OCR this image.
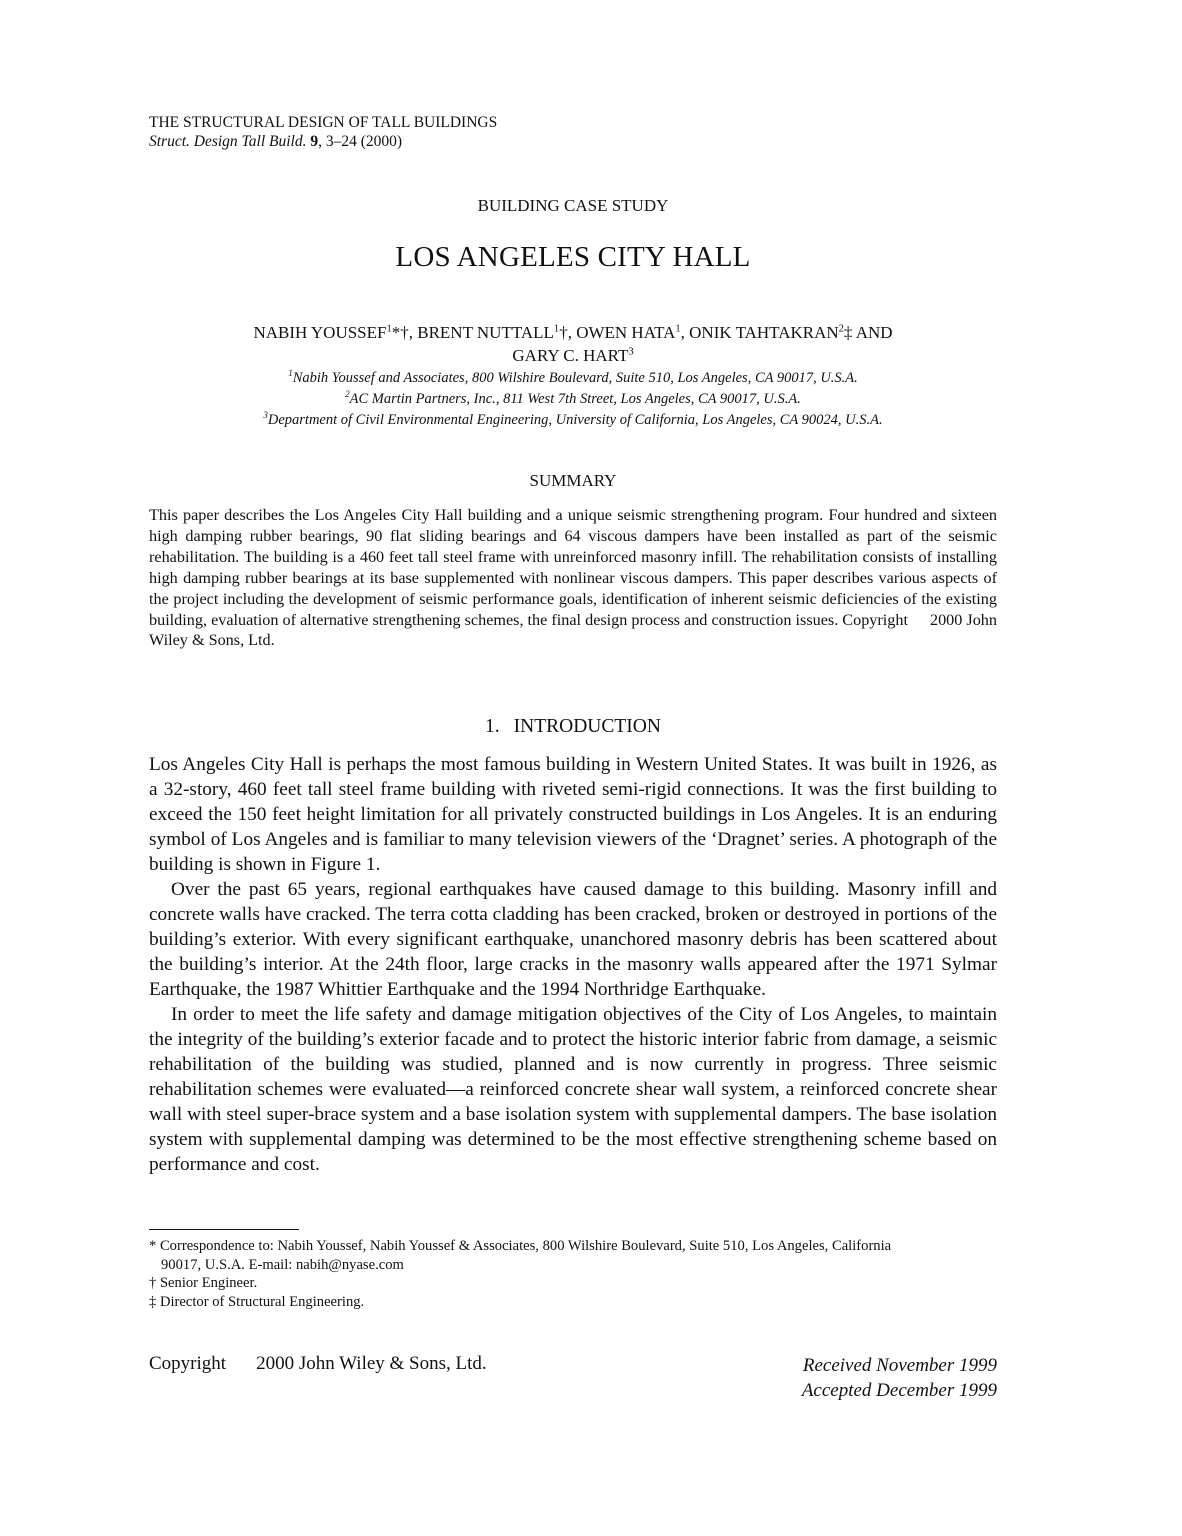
THE STRUCTURAL DESIGN OF TALL BUILDINGS
Struct. Design Tall Build. 9, 3–24 (2000)
BUILDING CASE STUDY
LOS ANGELES CITY HALL
NABIH YOUSSEF$^1$*†, BRENT NUTTALL$^1$†, OWEN HATA$^1$, ONIK TAHTAKRAN$^2$‡ AND
GARY C. HART$^3$
$^1$Nabih Youssef and Associates, 800 Wilshire Boulevard, Suite 510, Los Angeles, CA 90017, U.S.A.
$^2$AC Martin Partners, Inc., 811 West 7th Street, Los Angeles, CA 90017, U.S.A.
$^3$Department of Civil Environmental Engineering, University of California, Los Angeles, CA 90024, U.S.A.
SUMMARY

This paper describes the Los Angeles City Hall building and a unique seismic strengthening program. Four hundred and sixteen high damping rubber bearings, 90 flat sliding bearings and 64 viscous dampers have been installed as part of the seismic rehabilitation. The building is a 460 feet tall steel frame with unreinforced masonry infill. The rehabilitation consists of installing high damping rubber bearings at its base supplemented with nonlinear viscous dampers. This paper describes various aspects of the project including the development of seismic performance goals, identification of inherent seismic deficiencies of the existing building, evaluation of alternative strengthening schemes, the final design process and construction issues. Copyright 2000 John Wiley & Sons, Ltd.

1. INTRODUCTION

Los Angeles City Hall is perhaps the most famous building in Western United States. It was built in 1926, as a 32-story, 460 feet tall steel frame building with riveted semi-rigid connections. It was the first building to exceed the 150 feet height limitation for all privately constructed buildings in Los Angeles. It is an enduring symbol of Los Angeles and is familiar to many television viewers of the ‘Dragnet’ series. A photograph of the building is shown in Figure 1.

Over the past 65 years, regional earthquakes have caused damage to this building. Masonry infill and concrete walls have cracked. The terra cotta cladding has been cracked, broken or destroyed in portions of the building’s exterior. With every significant earthquake, unanchored masonry debris has been scattered about the building’s interior. At the 24th floor, large cracks in the masonry walls appeared after the 1971 Sylmar Earthquake, the 1987 Whittier Earthquake and the 1994 Northridge Earthquake.

In order to meet the life safety and damage mitigation objectives of the City of Los Angeles, to maintain the integrity of the building’s exterior facade and to protect the historic interior fabric from damage, a seismic rehabilitation of the building was studied, planned and is now currently in progress. Three seismic rehabilitation schemes were evaluated—a reinforced concrete shear wall system, a reinforced concrete shear wall with steel super-brace system and a base isolation system with supplemental dampers. The base isolation system with supplemental damping was determined to be the most effective strengthening scheme based on performance and cost.

* Correspondence to: Nabih Youssef, Nabih Youssef & Associates, 800 Wilshire Boulevard, Suite 510, Los Angeles, California
90017, U.S.A. E-mail: nabih@nyase.com
† Senior Engineer.
‡ Director of Structural Engineering.
Copyright 2000 John Wiley & Sons, Ltd.	Received November 1999
Accepted December 1999
